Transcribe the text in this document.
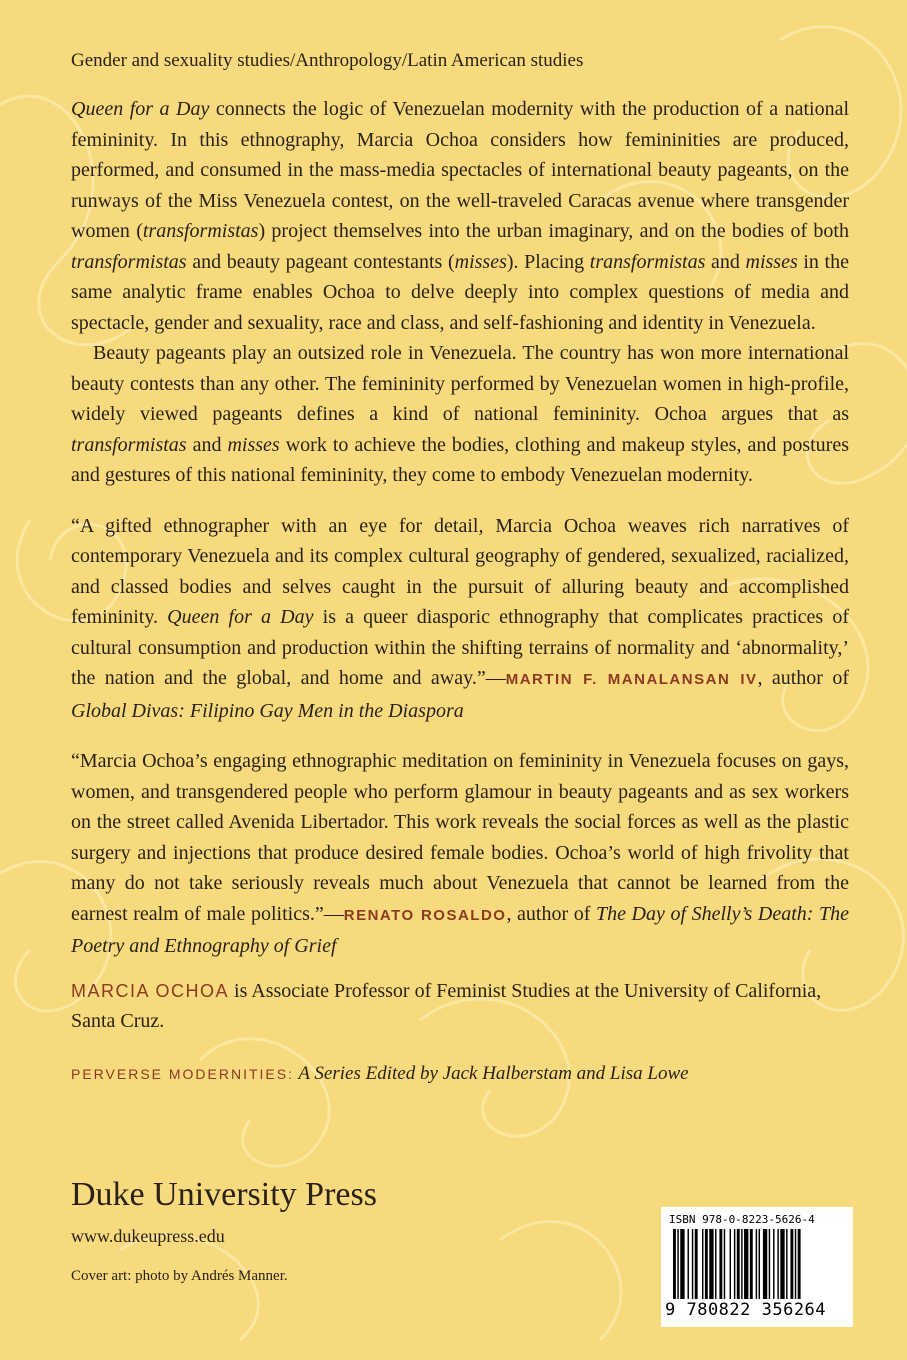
Gender and sexuality studies/Anthropology/Latin American studies

Queen for a Day connects the logic of Venezuelan modernity with the production of a national femininity. In this ethnography, Marcia Ochoa considers how femininities are produced, performed, and consumed in the mass-media spectacles of international beauty pageants, on the runways of the Miss Venezuela contest, on the well-traveled Caracas avenue where transgender women (transformistas) project themselves into the urban imaginary, and on the bodies of both transformistas and beauty pageant contestants (misses). Placing transformistas and misses in the same analytic frame enables Ochoa to delve deeply into complex questions of media and spectacle, gender and sexuality, race and class, and self-fashioning and identity in Venezuela.

Beauty pageants play an outsized role in Venezuela. The country has won more international beauty contests than any other. The femininity performed by Venezuelan women in high-profile, widely viewed pageants defines a kind of national femininity. Ochoa argues that as transformistas and misses work to achieve the bodies, clothing and makeup styles, and postures and gestures of this national femininity, they come to embody Venezuelan modernity.

“A gifted ethnographer with an eye for detail, Marcia Ochoa weaves rich narratives of contemporary Venezuela and its complex cultural geography of gendered, sexualized, racialized, and classed bodies and selves caught in the pursuit of alluring beauty and accomplished femininity. Queen for a Day is a queer diasporic ethnography that complicates practices of cultural consumption and production within the shifting terrains of normality and ‘abnormality,’ the nation and the global, and home and away.”—MARTIN F. MANALANSAN IV, author of Global Divas: Filipino Gay Men in the Diaspora

“Marcia Ochoa’s engaging ethnographic meditation on femininity in Venezuela focuses on gays, women, and transgendered people who perform glamour in beauty pageants and as sex workers on the street called Avenida Libertador. This work reveals the social forces as well as the plastic surgery and injections that produce desired female bodies. Ochoa’s world of high frivolity that many do not take seriously reveals much about Venezuela that cannot be learned from the earnest realm of male politics.”—RENATO ROSALDO, author of The Day of Shelly’s Death: The Poetry and Ethnography of Grief

MARCIA OCHOA is Associate Professor of Feminist Studies at the University of California, Santa Cruz.
PERVERSE MODERNITIES: A Series Edited by Jack Halberstam and Lisa Lowe
Duke University Press
www.dukeupress.edu
Cover art: photo by Andrés Manner.
ISBN 978-0-8223-5626-4
9 780822 356264
